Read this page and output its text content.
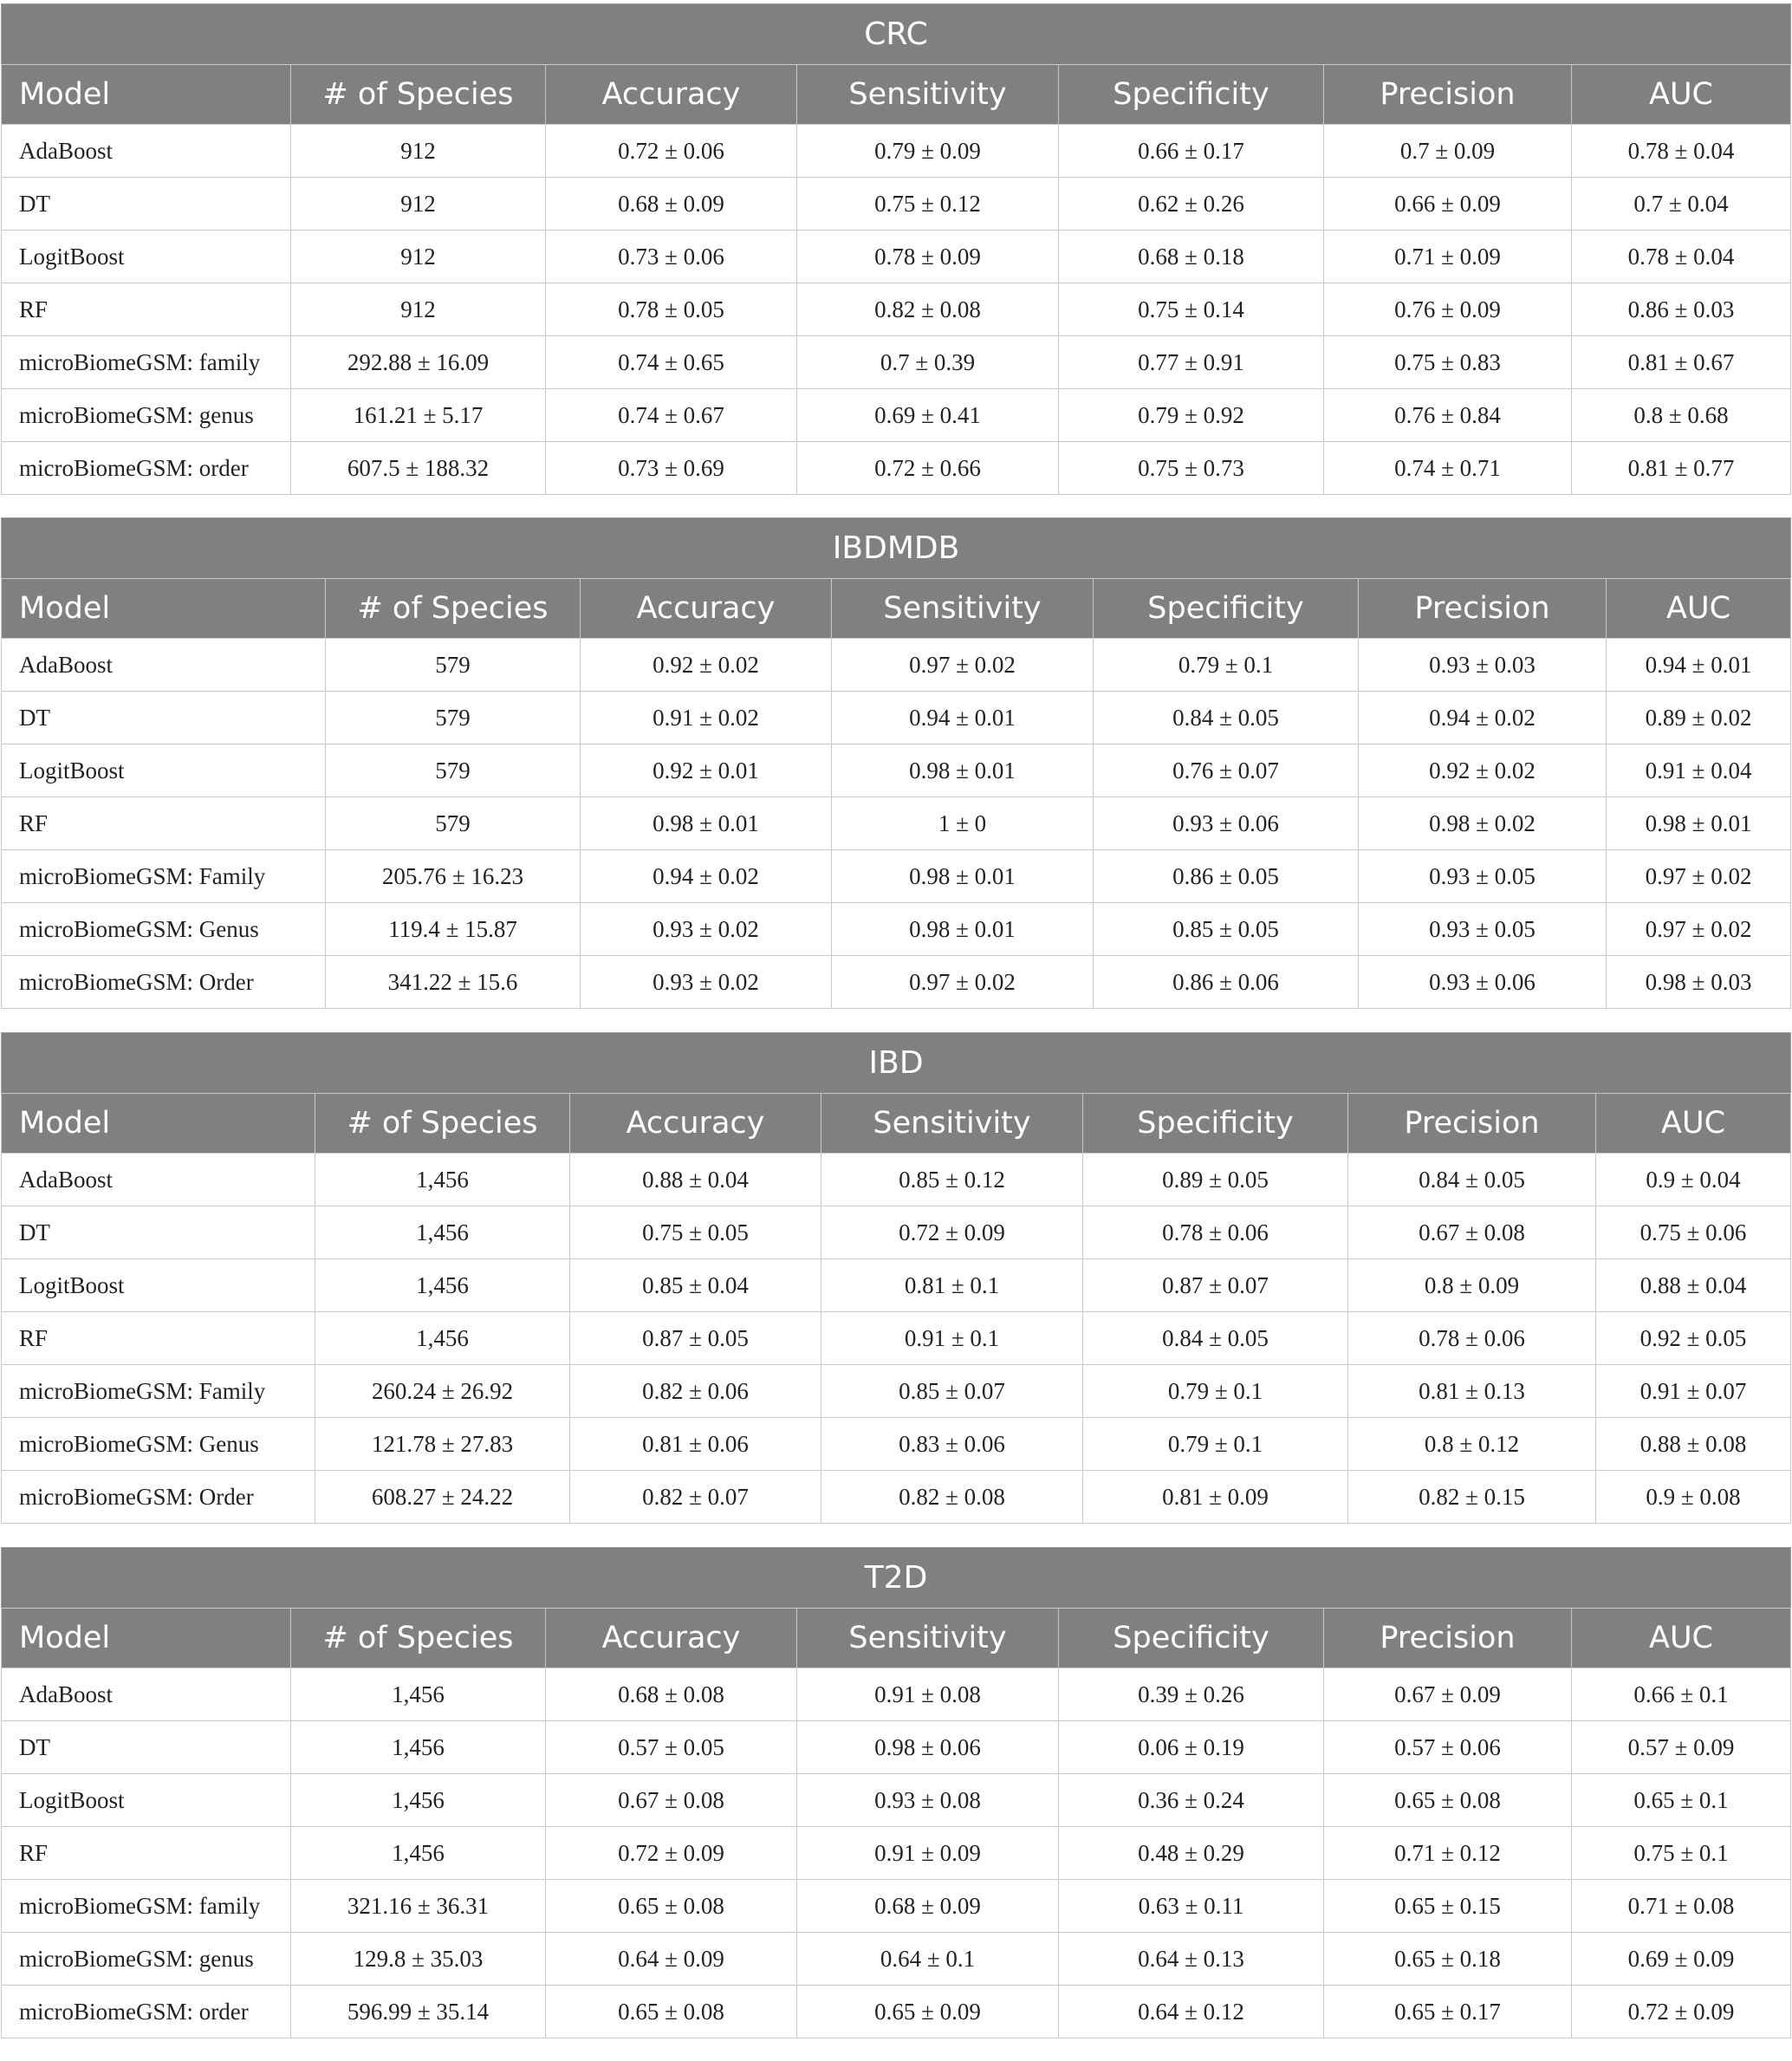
CRC						
Model	# of Species	Accuracy	Sensitivity	Specificity	Precision	AUC
AdaBoost	912	0.72 ± 0.06	0.79 ± 0.09	0.66 ± 0.17	0.7 ± 0.09	0.78 ± 0.04
DT	912	0.68 ± 0.09	0.75 ± 0.12	0.62 ± 0.26	0.66 ± 0.09	0.7 ± 0.04
LogitBoost	912	0.73 ± 0.06	0.78 ± 0.09	0.68 ± 0.18	0.71 ± 0.09	0.78 ± 0.04
RF	912	0.78 ± 0.05	0.82 ± 0.08	0.75 ± 0.14	0.76 ± 0.09	0.86 ± 0.03
microBiomeGSM: family	292.88 ± 16.09	0.74 ± 0.65	0.7 ± 0.39	0.77 ± 0.91	0.75 ± 0.83	0.81 ± 0.67
microBiomeGSM: genus	161.21 ± 5.17	0.74 ± 0.67	0.69 ± 0.41	0.79 ± 0.92	0.76 ± 0.84	0.8 ± 0.68
microBiomeGSM: order	607.5 ± 188.32	0.73 ± 0.69	0.72 ± 0.66	0.75 ± 0.73	0.74 ± 0.71	0.81 ± 0.77
IBDMDB						
Model	# of Species	Accuracy	Sensitivity	Specificity	Precision	AUC
AdaBoost	579	0.92 ± 0.02	0.97 ± 0.02	0.79 ± 0.1	0.93 ± 0.03	0.94 ± 0.01
DT	579	0.91 ± 0.02	0.94 ± 0.01	0.84 ± 0.05	0.94 ± 0.02	0.89 ± 0.02
LogitBoost	579	0.92 ± 0.01	0.98 ± 0.01	0.76 ± 0.07	0.92 ± 0.02	0.91 ± 0.04
RF	579	0.98 ± 0.01	1 ± 0	0.93 ± 0.06	0.98 ± 0.02	0.98 ± 0.01
microBiomeGSM: Family	205.76 ± 16.23	0.94 ± 0.02	0.98 ± 0.01	0.86 ± 0.05	0.93 ± 0.05	0.97 ± 0.02
microBiomeGSM: Genus	119.4 ± 15.87	0.93 ± 0.02	0.98 ± 0.01	0.85 ± 0.05	0.93 ± 0.05	0.97 ± 0.02
microBiomeGSM: Order	341.22 ± 15.6	0.93 ± 0.02	0.97 ± 0.02	0.86 ± 0.06	0.93 ± 0.06	0.98 ± 0.03
IBD						
Model	# of Species	Accuracy	Sensitivity	Specificity	Precision	AUC
AdaBoost	1,456	0.88 ± 0.04	0.85 ± 0.12	0.89 ± 0.05	0.84 ± 0.05	0.9 ± 0.04
DT	1,456	0.75 ± 0.05	0.72 ± 0.09	0.78 ± 0.06	0.67 ± 0.08	0.75 ± 0.06
LogitBoost	1,456	0.85 ± 0.04	0.81 ± 0.1	0.87 ± 0.07	0.8 ± 0.09	0.88 ± 0.04
RF	1,456	0.87 ± 0.05	0.91 ± 0.1	0.84 ± 0.05	0.78 ± 0.06	0.92 ± 0.05
microBiomeGSM: Family	260.24 ± 26.92	0.82 ± 0.06	0.85 ± 0.07	0.79 ± 0.1	0.81 ± 0.13	0.91 ± 0.07
microBiomeGSM: Genus	121.78 ± 27.83	0.81 ± 0.06	0.83 ± 0.06	0.79 ± 0.1	0.8 ± 0.12	0.88 ± 0.08
microBiomeGSM: Order	608.27 ± 24.22	0.82 ± 0.07	0.82 ± 0.08	0.81 ± 0.09	0.82 ± 0.15	0.9 ± 0.08
T2D						
Model	# of Species	Accuracy	Sensitivity	Specificity	Precision	AUC
AdaBoost	1,456	0.68 ± 0.08	0.91 ± 0.08	0.39 ± 0.26	0.67 ± 0.09	0.66 ± 0.1
DT	1,456	0.57 ± 0.05	0.98 ± 0.06	0.06 ± 0.19	0.57 ± 0.06	0.57 ± 0.09
LogitBoost	1,456	0.67 ± 0.08	0.93 ± 0.08	0.36 ± 0.24	0.65 ± 0.08	0.65 ± 0.1
RF	1,456	0.72 ± 0.09	0.91 ± 0.09	0.48 ± 0.29	0.71 ± 0.12	0.75 ± 0.1
microBiomeGSM: family	321.16 ± 36.31	0.65 ± 0.08	0.68 ± 0.09	0.63 ± 0.11	0.65 ± 0.15	0.71 ± 0.08
microBiomeGSM: genus	129.8 ± 35.03	0.64 ± 0.09	0.64 ± 0.1	0.64 ± 0.13	0.65 ± 0.18	0.69 ± 0.09
microBiomeGSM: order	596.99 ± 35.14	0.65 ± 0.08	0.65 ± 0.09	0.64 ± 0.12	0.65 ± 0.17	0.72 ± 0.09
